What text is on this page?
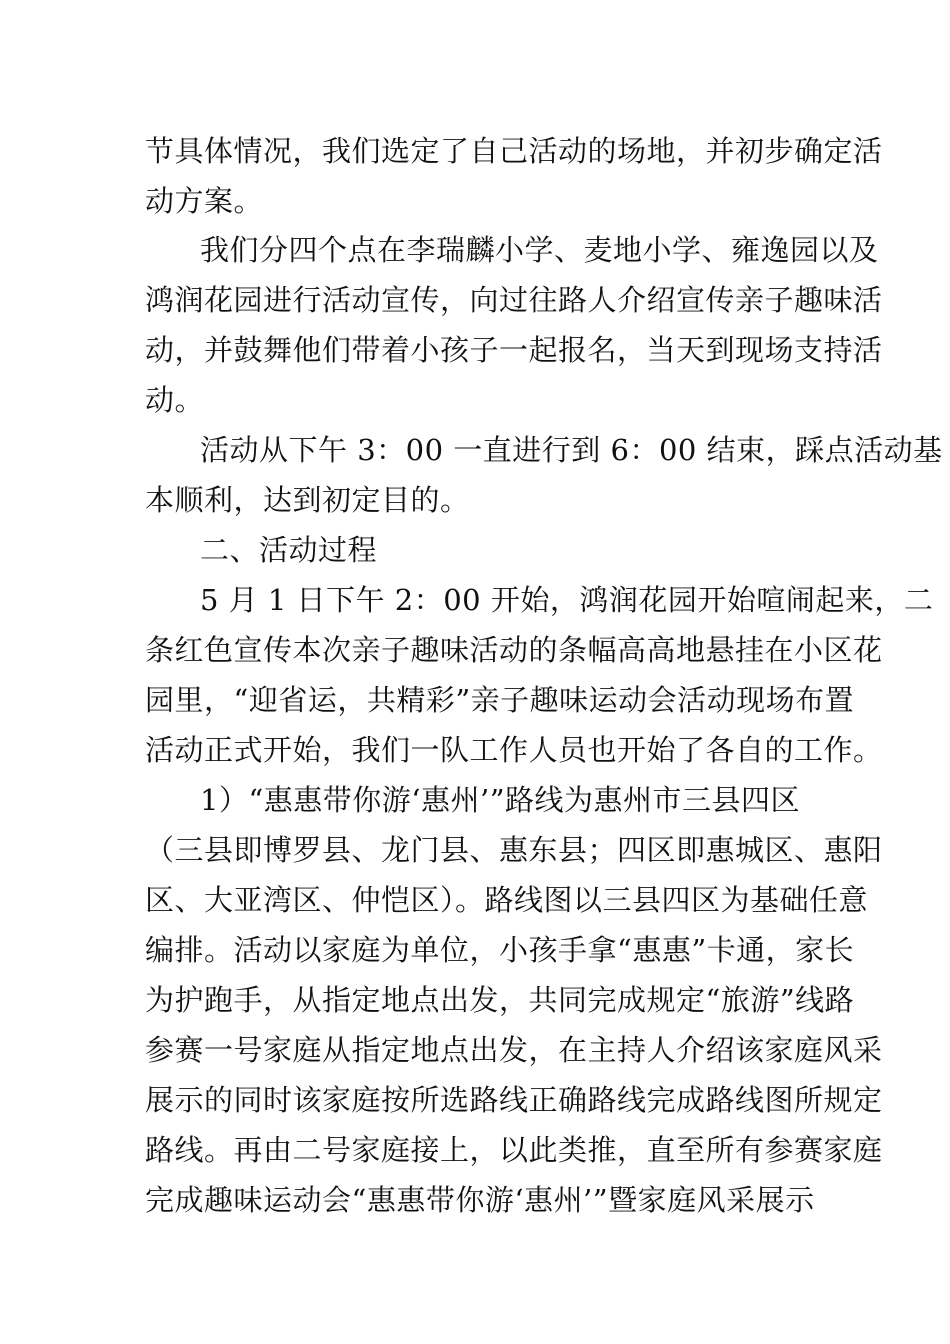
节具体情况，我们选定了自己活动的场地，并初步确定活
动方案。
我们分四个点在李瑞麟小学、麦地小学、雍逸园以及
鸿润花园进行活动宣传，向过往路人介绍宣传亲子趣味活
动，并鼓舞他们带着小孩子一起报名，当天到现场支持活
动。
活动从下午 3：00 一直进行到 6：00 结束，踩点活动基
本顺利，达到初定目的。
二、活动过程
5 月 1 日下午 2：00 开始，鸿润花园开始喧闹起来，二
条红色宣传本次亲子趣味活动的条幅高高地悬挂在小区花
园里，“迎省运，共精彩”亲子趣味运动会活动现场布置
活动正式开始，我们一队工作人员也开始了各自的工作。
1）“惠惠带你游‘惠州’”路线为惠州市三县四区
（三县即博罗县、龙门县、惠东县；四区即惠城区、惠阳
区、大亚湾区、仲恺区）。路线图以三县四区为基础任意
编排。活动以家庭为单位，小孩手拿“惠惠”卡通，家长
为护跑手，从指定地点出发，共同完成规定“旅游”线路
参赛一号家庭从指定地点出发，在主持人介绍该家庭风采
展示的同时该家庭按所选路线正确路线完成路线图所规定
路线。再由二号家庭接上，以此类推，直至所有参赛家庭
完成趣味运动会“惠惠带你游‘惠州’”暨家庭风采展示
